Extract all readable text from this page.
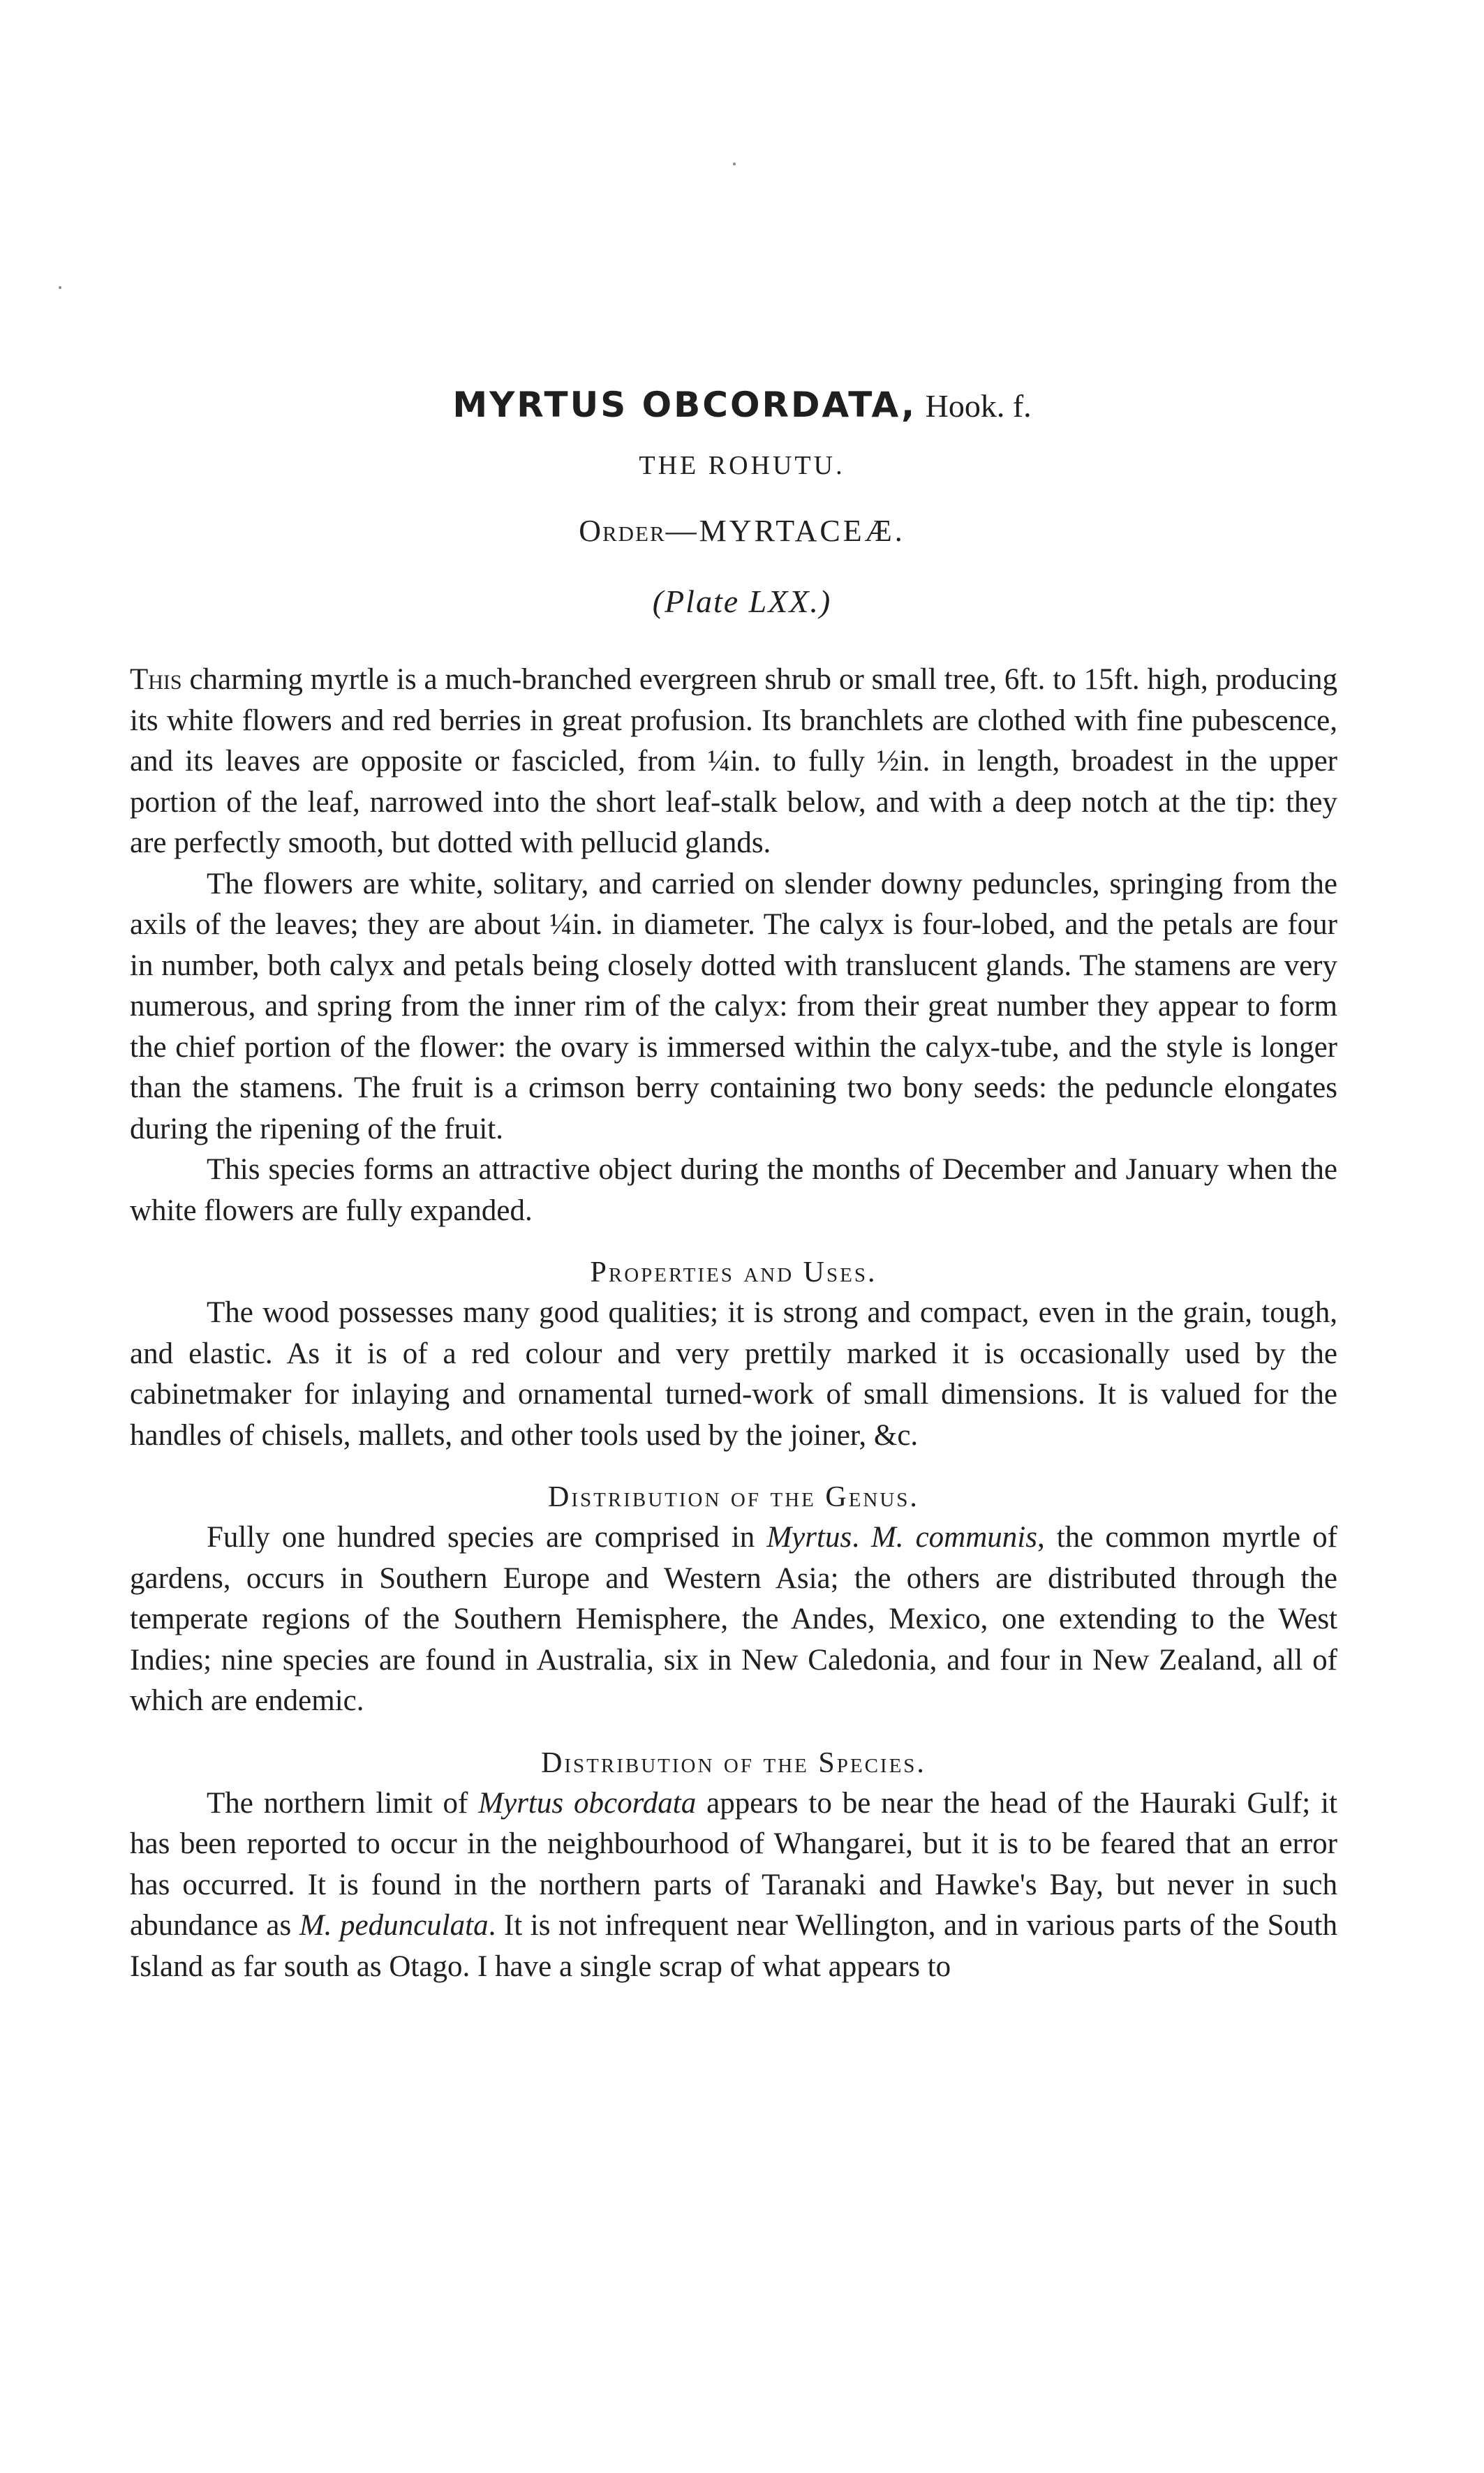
MYRTUS OBCORDATA, Hook. f.
THE ROHUTU.
Order—MYRTACEÆ.
(Plate LXX.)

This charming myrtle is a much-branched evergreen shrub or small tree, 6ft. to 15ft. high, producing its white flowers and red berries in great profusion. Its branchlets are clothed with fine pubescence, and its leaves are opposite or fascicled, from ¼in. to fully ½in. in length, broadest in the upper portion of the leaf, narrowed into the short leaf-stalk below, and with a deep notch at the tip: they are perfectly smooth, but dotted with pellucid glands.

The flowers are white, solitary, and carried on slender downy peduncles, springing from the axils of the leaves; they are about ¼in. in diameter. The calyx is four-lobed, and the petals are four in number, both calyx and petals being closely dotted with translucent glands. The stamens are very numerous, and spring from the inner rim of the calyx: from their great number they appear to form the chief portion of the flower: the ovary is immersed within the calyx-tube, and the style is longer than the stamens. The fruit is a crimson berry containing two bony seeds: the peduncle elongates during the ripening of the fruit.

This species forms an attractive object during the months of December and January when the white flowers are fully expanded.

Properties and Uses.

The wood possesses many good qualities; it is strong and compact, even in the grain, tough, and elastic. As it is of a red colour and very prettily marked it is occasionally used by the cabinetmaker for inlaying and ornamental turned-work of small dimensions. It is valued for the handles of chisels, mallets, and other tools used by the joiner, &c.

Distribution of the Genus.

Fully one hundred species are comprised in Myrtus. M. communis, the common myrtle of gardens, occurs in Southern Europe and Western Asia; the others are distributed through the temperate regions of the Southern Hemisphere, the Andes, Mexico, one extending to the West Indies; nine species are found in Australia, six in New Caledonia, and four in New Zealand, all of which are endemic.

Distribution of the Species.

The northern limit of Myrtus obcordata appears to be near the head of the Hauraki Gulf; it has been reported to occur in the neighbourhood of Whangarei, but it is to be feared that an error has occurred. It is found in the northern parts of Taranaki and Hawke's Bay, but never in such abundance as M. pedunculata. It is not infrequent near Wellington, and in various parts of the South Island as far south as Otago. I have a single scrap of what appears to
